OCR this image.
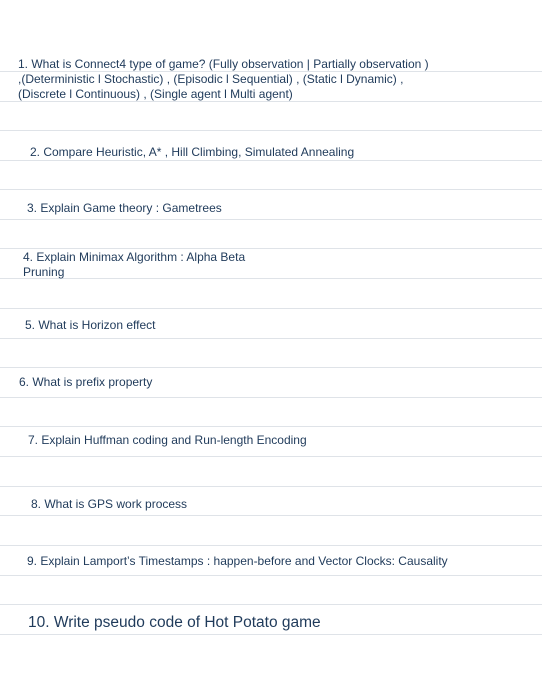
1. What is Connect4 type of game? (Fully observation | Partially observation )
,(Deterministic l Stochastic) , (Episodic l Sequential) , (Static l Dynamic) ,
(Discrete l Continuous) , (Single agent l Multi agent)
2. Compare Heuristic, A* , Hill Climbing, Simulated Annealing
3. Explain Game theory : Gametrees
4. Explain Minimax Algorithm : Alpha Beta
Pruning
5. What is Horizon effect
6. What is prefix property
7. Explain Huffman coding and Run-length Encoding
8. What is GPS work process
9. Explain Lamport’s Timestamps : happen-before and Vector Clocks: Causality
10. Write pseudo code of Hot Potato game
